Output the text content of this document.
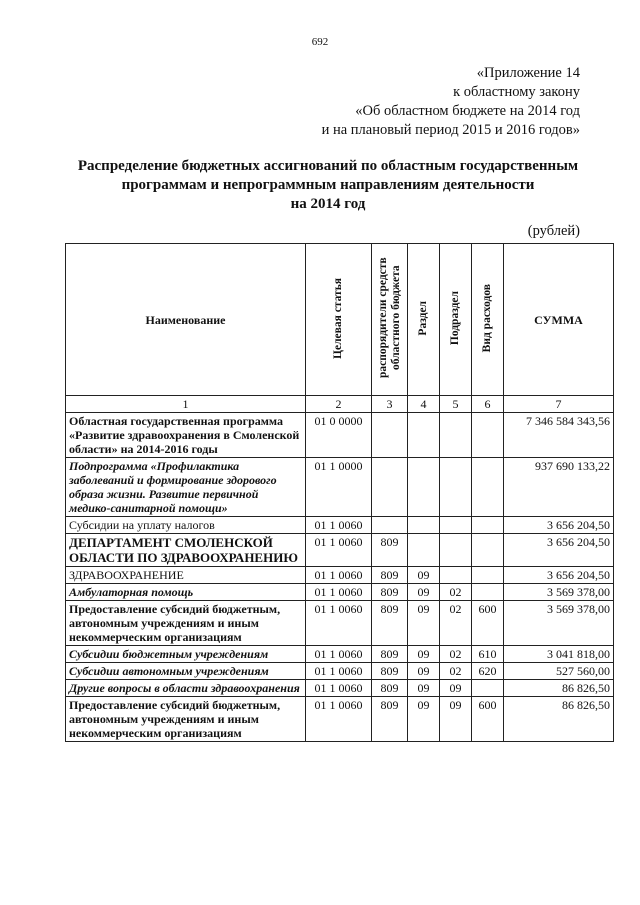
692
«Приложение 14
к областному закону
«Об областном бюджете на 2014 год
и на плановый период 2015 и 2016 годов»
Распределение бюджетных ассигнований по областным государственным
программам и непрограммным направлениям деятельности
на 2014 год
(рублей)
Наименование	Целевая статья	распорядители средств областного бюджета	Раздел	Подраздел	Вид расходов	СУММА
1	2	3	4	5	6	7
Областная государственная программа «Развитие здравоохранения в Смоленской области» на 2014-2016 годы	01 0 0000					7 346 584 343,56
Подпрограмма «Профилактика заболеваний и формирование здорового образа жизни. Развитие первичной медико-санитарной помощи»	01 1 0000					937 690 133,22
Субсидии на уплату налогов	01 1 0060					3 656 204,50
ДЕПАРТАМЕНТ СМОЛЕНСКОЙ ОБЛАСТИ ПО ЗДРАВООХРАНЕНИЮ	01 1 0060	809				3 656 204,50
ЗДРАВООХРАНЕНИЕ	01 1 0060	809	09			3 656 204,50
Амбулаторная помощь	01 1 0060	809	09	02		3 569 378,00
Предоставление субсидий бюджетным, автономным учреждениям и иным некоммерческим организациям	01 1 0060	809	09	02	600	3 569 378,00
Субсидии бюджетным учреждениям	01 1 0060	809	09	02	610	3 041 818,00
Субсидии автономным учреждениям	01 1 0060	809	09	02	620	527 560,00
Другие вопросы в области здравоохранения	01 1 0060	809	09	09		86 826,50
Предоставление субсидий бюджетным, автономным учреждениям и иным некоммерческим организациям	01 1 0060	809	09	09	600	86 826,50
